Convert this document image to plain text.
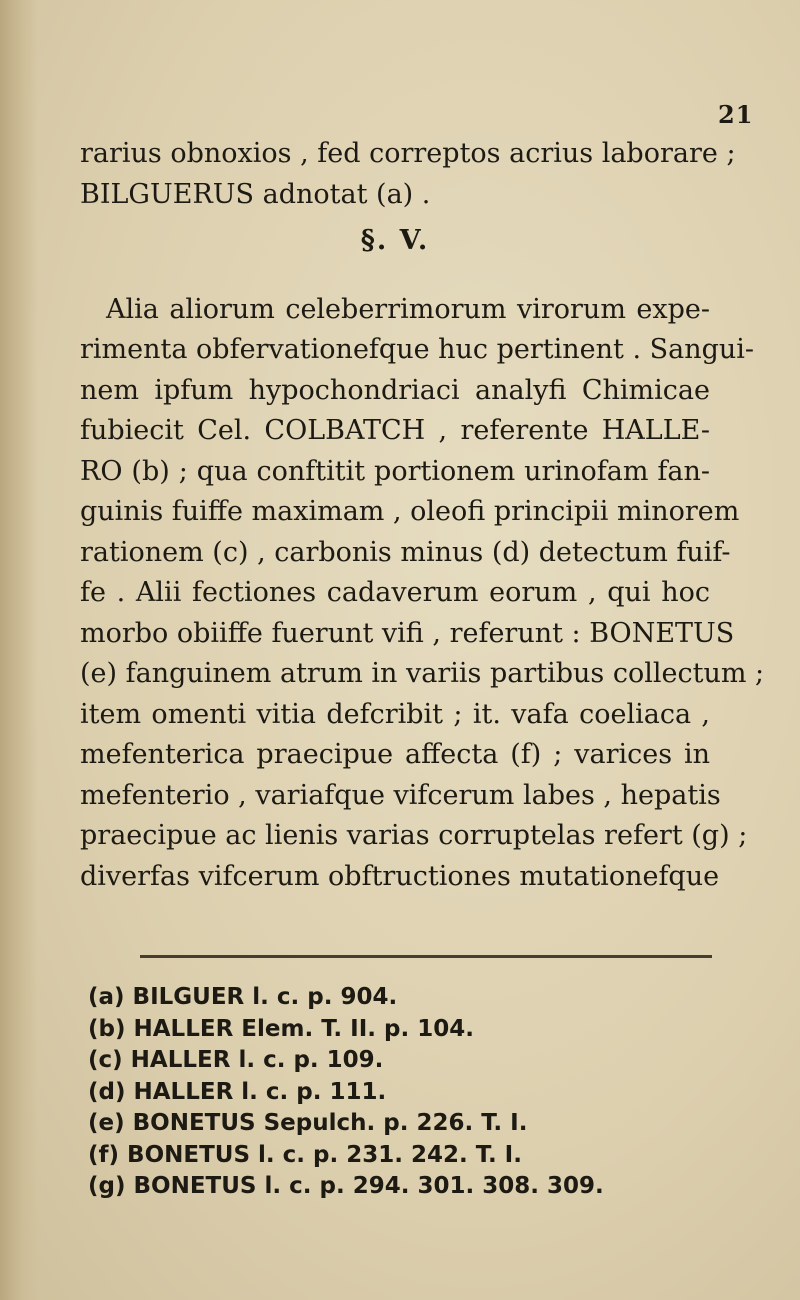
21
rarius obnoxios , fed correptos acrius laborare ;
BILGUERUS adnotat (a) .
§. V.
Alia aliorum celeberrimorum virorum expe-
rimenta obfervationefque huc pertinent . Sangui-
nem ipfum hypochondriaci analyfi Chimicae
fubiecit Cel. COLBATCH , referente HALLE-
RO (b) ; qua conftitit portionem urinofam fan-
guinis fuiffe maximam , oleofi principii minorem
rationem (c) , carbonis minus (d) detectum fuif-
fe . Alii fectiones cadaverum eorum , qui hoc
morbo obiiffe fuerunt vifi , referunt : BONETUS
(e) fanguinem atrum in variis partibus collectum ;
item omenti vitia defcribit ; it. vafa coeliaca ,
mefenterica praecipue affecta (f) ; varices in
mefenterio , variafque vifcerum labes , hepatis
praecipue ac lienis varias corruptelas refert (g) ;
diverfas vifcerum obftructiones mutationefque
(a) BILGUER l. c. p. 904.
(b) HALLER Elem. T. II. p. 104.
(c) HALLER l. c. p. 109.
(d) HALLER l. c. p. 111.
(e) BONETUS Sepulch. p. 226. T. I.
(f) BONETUS l. c. p. 231. 242. T. I.
(g) BONETUS l. c. p. 294. 301. 308. 309.
